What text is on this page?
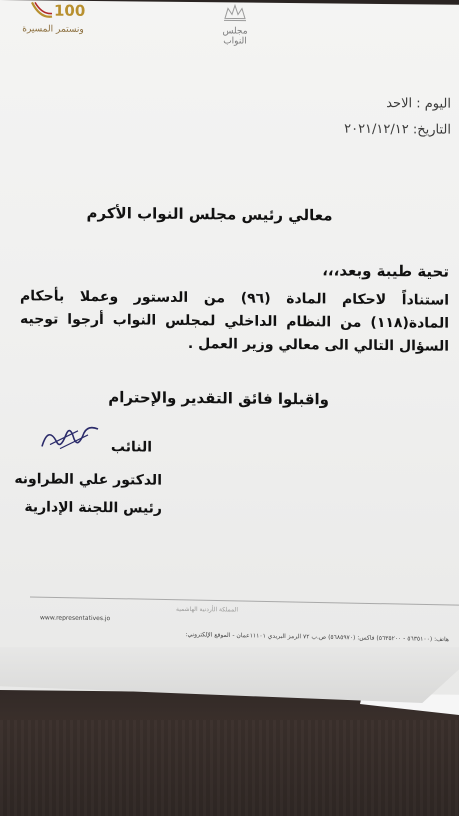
100
ونستمر المسيرة	مجلس النواب
اليوم : الاحد
التاريخ: ٢٠٢١/١٢/١٢
معالي رئيس مجلس النواب الأكرم
تحية طيبة وبعد،،،
استناداً لاحكام المادة (٩٦) من الدستور وعملا بأحكام المادة(١١٨) من النظام الداخلي لمجلس النواب أرجوا توجيه السؤال التالي الى معالي وزير العمل .
واقبلوا فائق التقدير والإحترام
النائب
الدكتور علي الطراونه
رئيس اللجنة الإدارية
المملكة الأردنية الهاشمية
www.representatives.jo
هاتف: (٥٦٣٥١٠٠ - ٥٦٣٥٢٠٠) فاكس: (٥٦٨٥٩٧٠) ص.ب ٧٢ الرمز البريدي ١١١٠١عمان - الموقع الإلكتروني:
